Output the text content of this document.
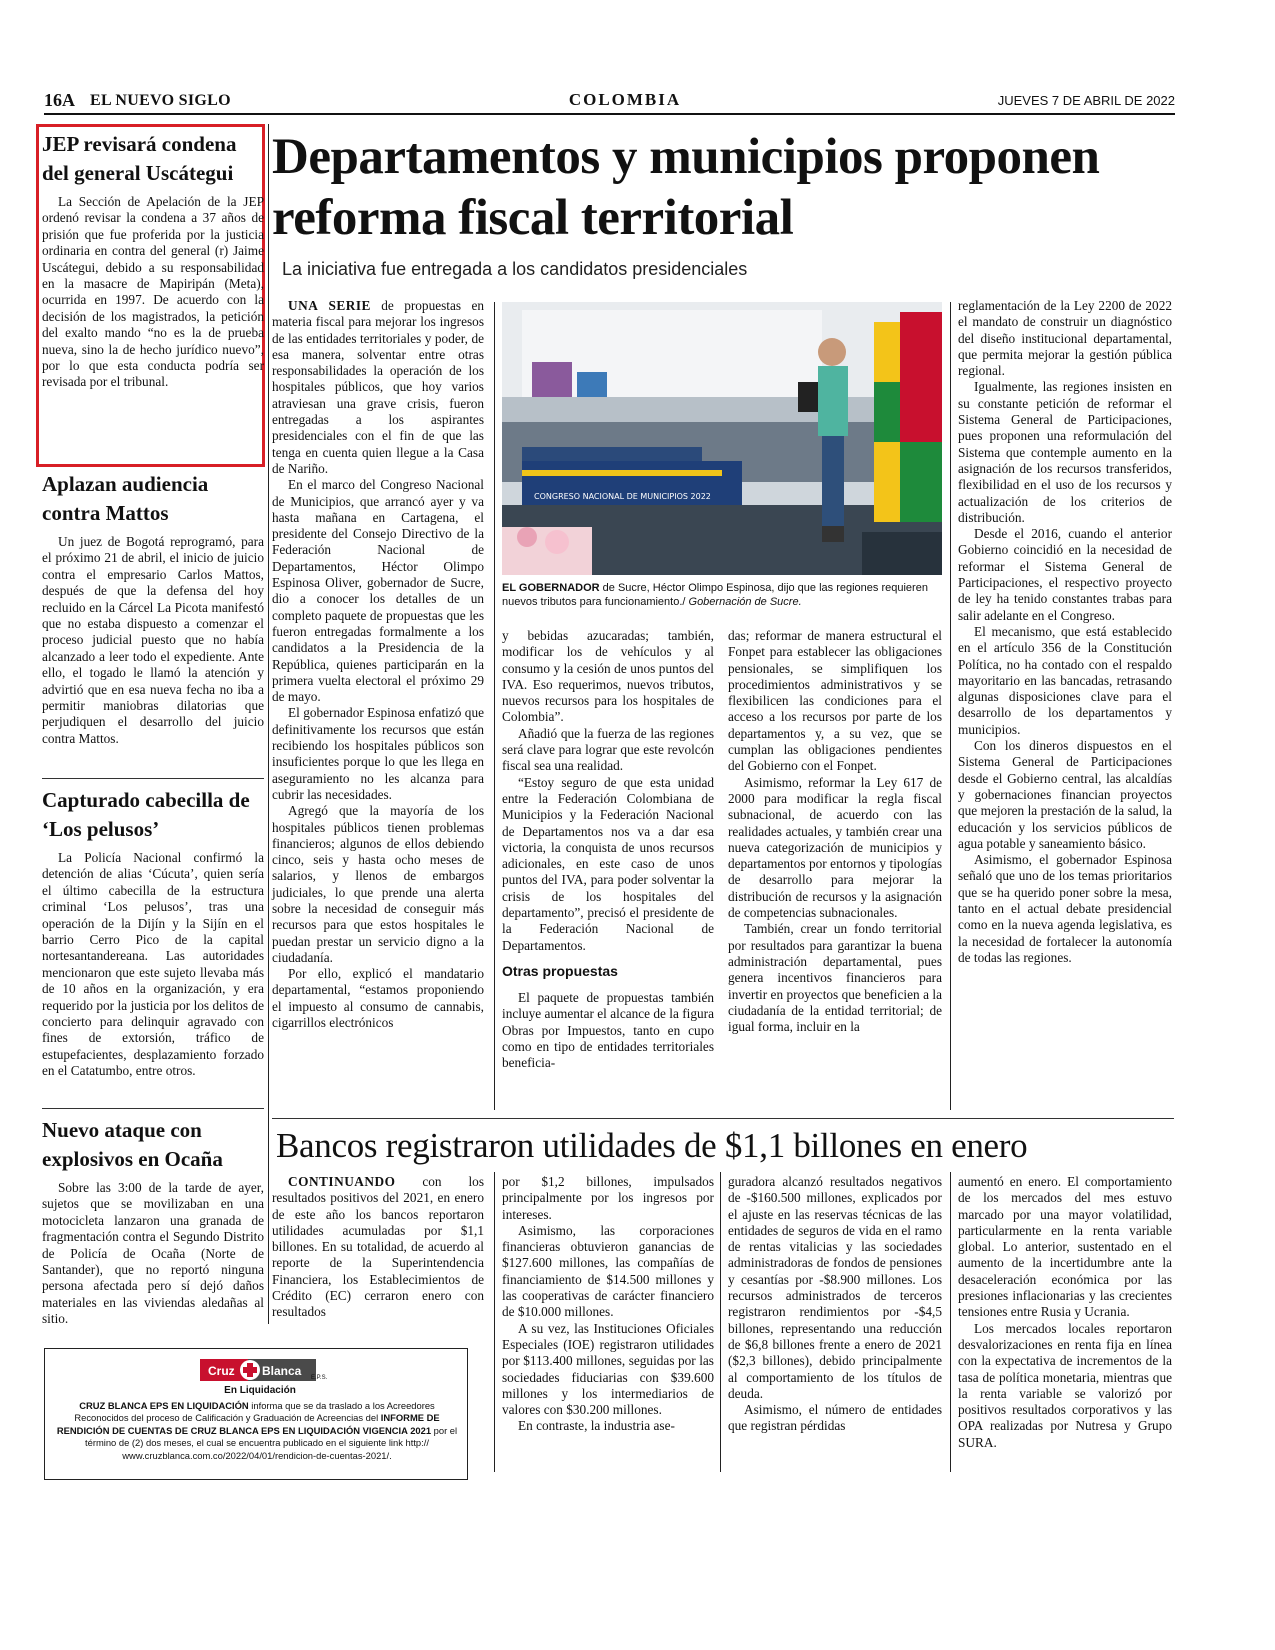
16A EL NUEVO SIGLO	COLOMBIA	JUEVES 7 DE ABRIL DE 2022
JEP revisará condena del general Uscátegui

La Sección de Apelación de la JEP ordenó revisar la condena a 37 años de prisión que fue proferida por la justicia ordinaria en contra del general (r) Jaime Uscátegui, debido a su responsabilidad en la masacre de Mapiripán (Meta), ocurrida en 1997. De acuerdo con la decisión de los magistrados, la petición del exalto mando “no es la de prueba nueva, sino la de hecho jurídico nuevo”, por lo que esta conducta podría ser revisada por el tribunal.

Aplazan audiencia contra Mattos

Un juez de Bogotá reprogramó, para el próximo 21 de abril, el inicio de juicio contra el empresario Carlos Mattos, después de que la defensa del hoy recluido en la Cárcel La Picota manifestó que no estaba dispuesto a comenzar el proceso judicial puesto que no había alcanzado a leer todo el expediente. Ante ello, el togado le llamó la atención y advirtió que en esa nueva fecha no iba a permitir maniobras dilatorias que perjudiquen el desarrollo del juicio contra Mattos.

Capturado cabecilla de ‘Los pelusos’

La Policía Nacional confirmó la detención de alias ‘Cúcuta’, quien sería el último cabecilla de la estructura criminal ‘Los pelusos’, tras una operación de la Dijín y la Sijín en el barrio Cerro Pico de la capital nortesantandereana. Las autoridades mencionaron que este sujeto llevaba más de 10 años en la organización, y era requerido por la justicia por los delitos de concierto para delinquir agravado con fines de extorsión, tráfico de estupefacientes, desplazamiento forzado en el Catatumbo, entre otros.

Nuevo ataque con explosivos en Ocaña

Sobre las 3:00 de la tarde de ayer, sujetos que se movilizaban en una motocicleta lanzaron una granada de fragmentación contra el Segundo Distrito de Policía de Ocaña (Norte de Santander), que no reportó ninguna persona afectada pero sí dejó daños materiales en las viviendas aledañas al sitio.

Departamentos y municipios proponen reforma fiscal territorial
La iniciativa fue entregada a los candidatos presidenciales

UNA SERIE de propuestas en materia fiscal para mejorar los ingresos de las entidades territoriales y poder, de esa manera, solventar entre otras responsabilidades la operación de los hospitales públicos, que hoy varios atraviesan una grave crisis, fueron entregadas a los aspirantes presidenciales con el fin de que las tenga en cuenta quien llegue a la Casa de Nariño.

En el marco del Congreso Nacional de Municipios, que arrancó ayer y va hasta mañana en Cartagena, el presidente del Consejo Directivo de la Federación Nacional de Departamentos, Héctor Olimpo Espinosa Oliver, gobernador de Sucre, dio a conocer los detalles de un completo paquete de propuestas que les fueron entregadas formalmente a los candidatos a la Presidencia de la República, quienes participarán en la primera vuelta electoral el próximo 29 de mayo.

El gobernador Espinosa enfatizó que definitivamente los recursos que están recibiendo los hospitales públicos son insuficientes porque lo que les llega en aseguramiento no les alcanza para cubrir las necesidades.

Agregó que la mayoría de los hospitales públicos tienen problemas financieros; algunos de ellos debiendo cinco, seis y hasta ocho meses de salarios, y llenos de embargos judiciales, lo que prende una alerta sobre la necesidad de conseguir más recursos para que estos hospitales le puedan prestar un servicio digno a la ciudadanía.

Por ello, explicó el mandatario departamental, “estamos proponiendo el impuesto al consumo de cannabis, cigarrillos electrónicos

CONGRESO NACIONAL DE MUNICIPIOS 2022
EL GOBERNADOR de Sucre, Héctor Olimpo Espinosa, dijo que las regiones requieren nuevos tributos para funcionamiento./ Gobernación de Sucre.

y bebidas azucaradas; también, modificar los de vehículos y al consumo y la cesión de unos puntos del IVA. Eso requerimos, nuevos tributos, nuevos recursos para los hospitales de Colombia”.

Añadió que la fuerza de las regiones será clave para lograr que este revolcón fiscal sea una realidad.

“Estoy seguro de que esta unidad entre la Federación Colombiana de Municipios y la Federación Nacional de Departamentos nos va a dar esa victoria, la conquista de unos recursos adicionales, en este caso de unos puntos del IVA, para poder solventar la crisis de los hospitales del departamento”, precisó el presidente de la Federación Nacional de Departamentos.

Otras propuestas

El paquete de propuestas también incluye aumentar el alcance de la figura Obras por Impuestos, tanto en cupo como en tipo de entidades territoriales beneficia-

das; reformar de manera estructural el Fonpet para establecer las obligaciones pensionales, se simplifiquen los procedimientos administrativos y se flexibilicen las condiciones para el acceso a los recursos por parte de los departamentos y, a su vez, que se cumplan las obligaciones pendientes del Gobierno con el Fonpet.

Asimismo, reformar la Ley 617 de 2000 para modificar la regla fiscal subnacional, de acuerdo con las realidades actuales, y también crear una nueva categorización de municipios y departamentos por entornos y tipologías de desarrollo para mejorar la distribución de recursos y la asignación de competencias subnacionales.

También, crear un fondo territorial por resultados para garantizar la buena administración departamental, pues genera incentivos financieros para invertir en proyectos que beneficien a la ciudadanía de la entidad territorial; de igual forma, incluir en la

reglamentación de la Ley 2200 de 2022 el mandato de construir un diagnóstico del diseño institucional departamental, que permita mejorar la gestión pública regional.

Igualmente, las regiones insisten en su constante petición de reformar el Sistema General de Participaciones, pues proponen una reformulación del Sistema que contemple aumento en la asignación de los recursos transferidos, flexibilidad en el uso de los recursos y actualización de los criterios de distribución.

Desde el 2016, cuando el anterior Gobierno coincidió en la necesidad de reformar el Sistema General de Participaciones, el respectivo proyecto de ley ha tenido constantes trabas para salir adelante en el Congreso.

El mecanismo, que está establecido en el artículo 356 de la Constitución Política, no ha contado con el respaldo mayoritario en las bancadas, retrasando algunas disposiciones clave para el desarrollo de los departamentos y municipios.

Con los dineros dispuestos en el Sistema General de Participaciones desde el Gobierno central, las alcaldías y gobernaciones financian proyectos que mejoren la prestación de la salud, la educación y los servicios públicos de agua potable y saneamiento básico.

Asimismo, el gobernador Espinosa señaló que uno de los temas prioritarios que se ha querido poner sobre la mesa, tanto en el actual debate presidencial como en la nueva agenda legislativa, es la necesidad de fortalecer la autonomía de todas las regiones.

Bancos registraron utilidades de $1,1 billones en enero

CONTINUANDO con los resultados positivos del 2021, en enero de este año los bancos reportaron utilidades acumuladas por $1,1 billones. En su totalidad, de acuerdo al reporte de la Superintendencia Financiera, los Establecimientos de Crédito (EC) cerraron enero con resultados

por $1,2 billones, impulsados principalmente por los ingresos por intereses.

Asimismo, las corporaciones financieras obtuvieron ganancias de $127.600 millones, las compañías de financiamiento de $14.500 millones y las cooperativas de carácter financiero de $10.000 millones.

A su vez, las Instituciones Oficiales Especiales (IOE) registraron utilidades por $113.400 millones, seguidas por las sociedades fiduciarias con $39.600 millones y los intermediarios de valores con $30.200 millones.

En contraste, la industria ase-

guradora alcanzó resultados negativos de -$160.500 millones, explicados por el ajuste en las reservas técnicas de las entidades de seguros de vida en el ramo de rentas vitalicias y las sociedades administradoras de fondos de pensiones y cesantías por -$8.900 millones. Los recursos administrados de terceros registraron rendimientos por -$4,5 billones, representando una reducción de $6,8 billones frente a enero de 2021 ($2,3 billones), debido principalmente al comportamiento de los títulos de deuda.

Asimismo, el número de entidades que registran pérdidas

aumentó en enero. El comportamiento de los mercados del mes estuvo marcado por una mayor volatilidad, particularmente en la renta variable global. Lo anterior, sustentado en el aumento de la incertidumbre ante la desaceleración económica por las presiones inflacionarias y las crecientes tensiones entre Rusia y Ucrania.

Los mercados locales reportaron desvalorizaciones en renta fija en línea con la expectativa de incrementos de la tasa de política monetaria, mientras que la renta variable se valorizó por positivos resultados corporativos y las OPA realizadas por Nutresa y Grupo SURA.

Cruz Blanca E.P.S.
En Liquidación
CRUZ BLANCA EPS EN LIQUIDACIÓN informa que se da traslado a los Acreedores Reconocidos del proceso de Calificación y Graduación de Acreencias del INFORME DE RENDICIÓN DE CUENTAS DE CRUZ BLANCA EPS EN LIQUIDACIÓN VIGENCIA 2021 por el término de (2) dos meses, el cual se encuentra publicado en el siguiente link http://
www.cruzblanca.com.co/2022/04/01/rendicion-de-cuentas-2021/.
